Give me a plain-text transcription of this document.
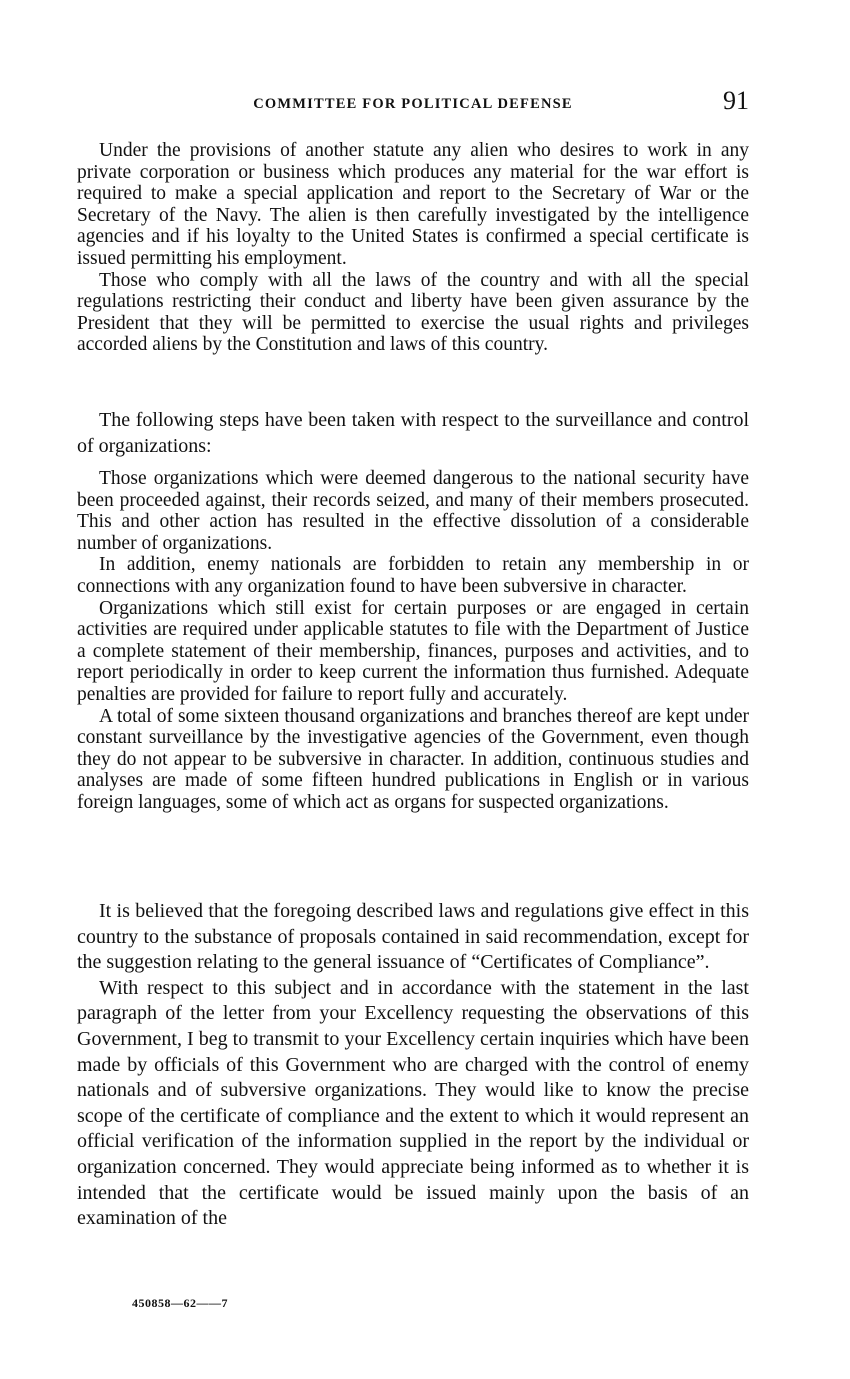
COMMITTEE FOR POLITICAL DEFENSE	91

Under the provisions of another statute any alien who desires to work in any private corporation or business which produces any material for the war effort is required to make a special application and report to the Secretary of War or the Secretary of the Navy. The alien is then carefully investigated by the intelligence agencies and if his loyalty to the United States is confirmed a special certificate is issued permitting his employment.

Those who comply with all the laws of the country and with all the special regulations restricting their conduct and liberty have been given assurance by the President that they will be permitted to exercise the usual rights and privileges accorded aliens by the Constitution and laws of this country.

The following steps have been taken with respect to the surveillance and control of organizations:

Those organizations which were deemed dangerous to the national security have been proceeded against, their records seized, and many of their members prosecuted. This and other action has resulted in the effective dissolution of a considerable number of organizations.

In addition, enemy nationals are forbidden to retain any membership in or connections with any organization found to have been subversive in character.

Organizations which still exist for certain purposes or are engaged in certain activities are required under applicable statutes to file with the Department of Justice a complete statement of their membership, finances, purposes and activities, and to report periodically in order to keep current the information thus furnished. Adequate penalties are provided for failure to report fully and accurately.

A total of some sixteen thousand organizations and branches thereof are kept under constant surveillance by the investigative agencies of the Government, even though they do not appear to be subversive in character. In addition, continuous studies and analyses are made of some fifteen hundred publications in English or in various foreign languages, some of which act as organs for suspected organizations.

It is believed that the foregoing described laws and regulations give effect in this country to the substance of proposals contained in said recommendation, except for the suggestion relating to the general issuance of “Certificates of Compliance”.

With respect to this subject and in accordance with the statement in the last paragraph of the letter from your Excellency requesting the observations of this Government, I beg to transmit to your Excellency certain inquiries which have been made by officials of this Government who are charged with the control of enemy nationals and of subversive organizations. They would like to know the precise scope of the certificate of compliance and the extent to which it would represent an official verification of the information supplied in the report by the individual or organization concerned. They would appreciate being informed as to whether it is intended that the certificate would be issued mainly upon the basis of an examination of the

450858—62——7
